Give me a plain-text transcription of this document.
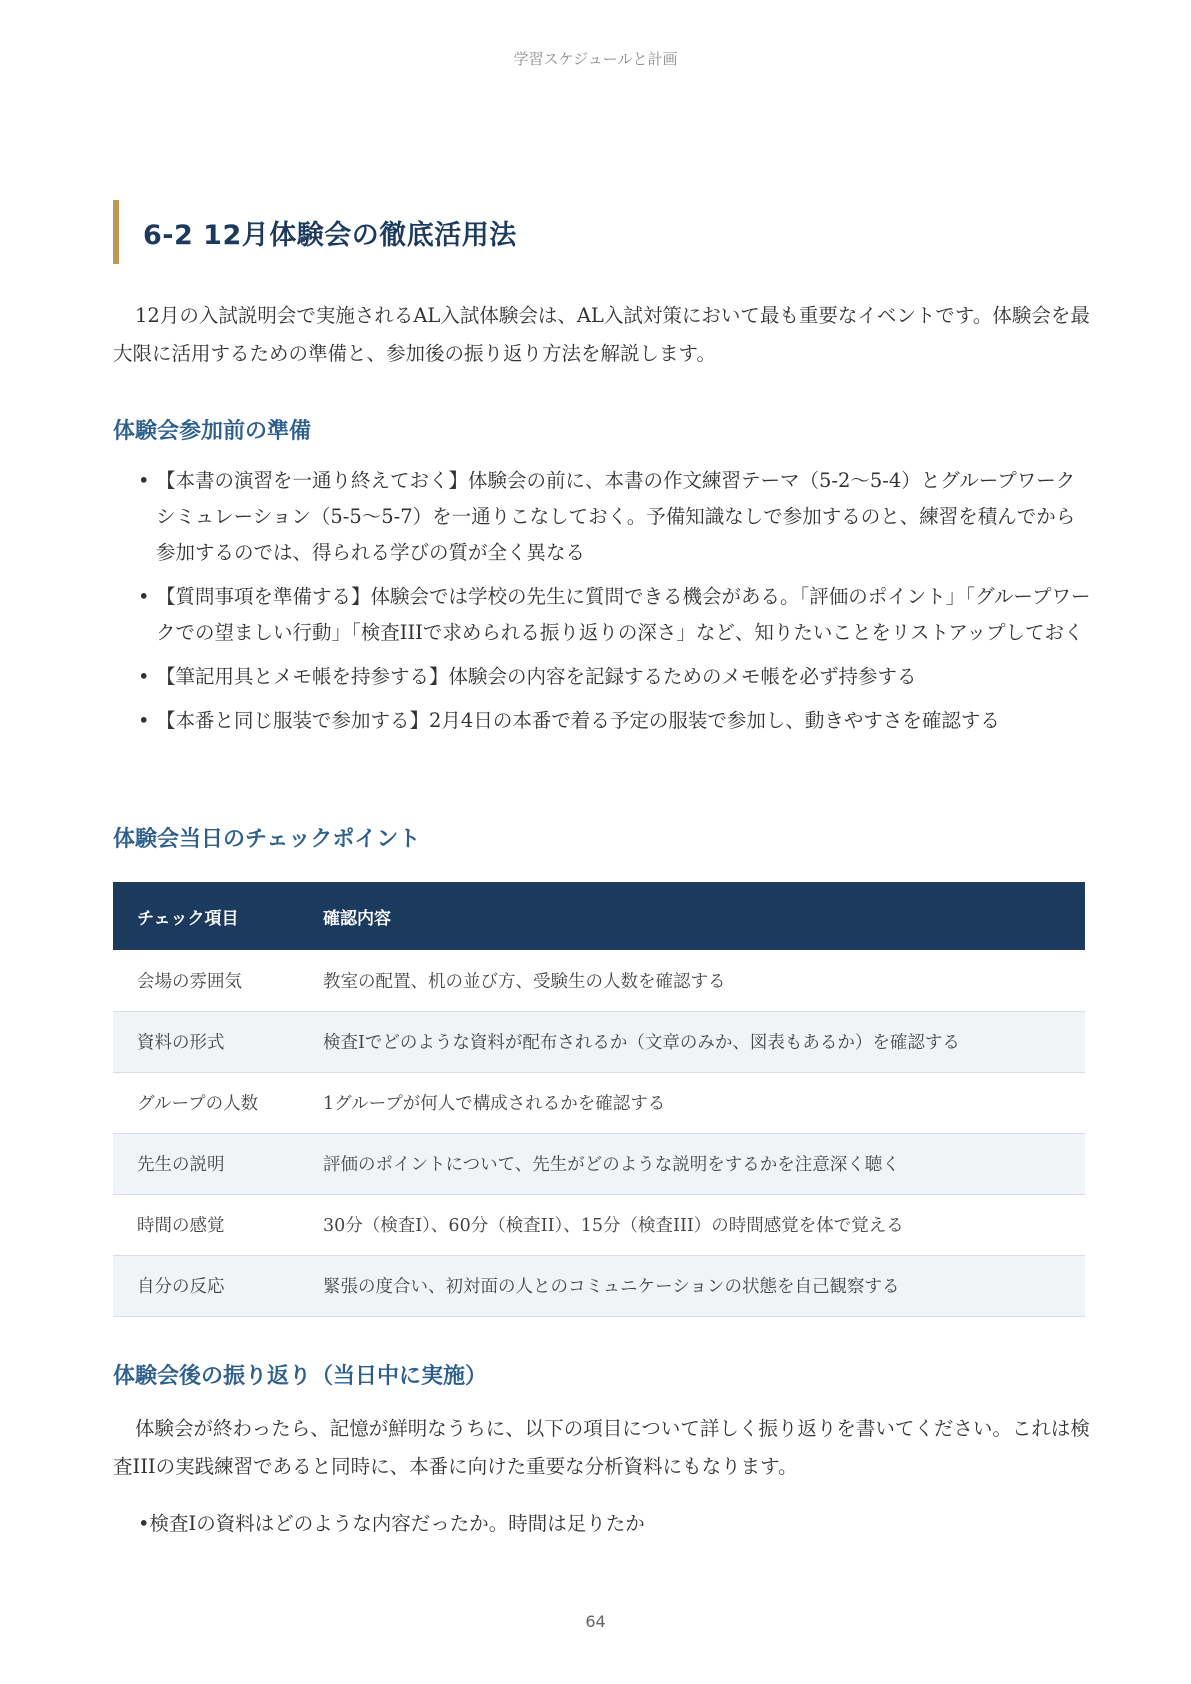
学習スケジュールと計画
6-2 12月体験会の徹底活用法

12月の入試説明会で実施されるAL入試体験会は、AL入試対策において最も重要なイベントです。体験会を最大限に活用するための準備と、参加後の振り返り方法を解説します。

体験会参加前の準備
• 【本書の演習を一通り終えておく】体験会の前に、本書の作文練習テーマ（5-2〜5-4）とグループワークシミュレーション（5-5〜5-7）を一通りこなしておく。予備知識なしで参加するのと、練習を積んでから参加するのでは、得られる学びの質が全く異なる
• 【質問事項を準備する】体験会では学校の先生に質問できる機会がある。「評価のポイント」「グループワークでの望ましい行動」「検査IIIで求められる振り返りの深さ」など、知りたいことをリストアップしておく
• 【筆記用具とメモ帳を持参する】体験会の内容を記録するためのメモ帳を必ず持参する
• 【本番と同じ服装で参加する】2月4日の本番で着る予定の服装で参加し、動きやすさを確認する
体験会当日のチェックポイント
チェック項目	確認内容
会場の雰囲気	教室の配置、机の並び方、受験生の人数を確認する
資料の形式	検査Iでどのような資料が配布されるか（文章のみか、図表もあるか）を確認する
グループの人数	1グループが何人で構成されるかを確認する
先生の説明	評価のポイントについて、先生がどのような説明をするかを注意深く聴く
時間の感覚	30分（検査I）、60分（検査II）、15分（検査III）の時間感覚を体で覚える
自分の反応	緊張の度合い、初対面の人とのコミュニケーションの状態を自己観察する
体験会後の振り返り（当日中に実施）

体験会が終わったら、記憶が鮮明なうちに、以下の項目について詳しく振り返りを書いてください。これは検査IIIの実践練習であると同時に、本番に向けた重要な分析資料にもなります。

•検査Iの資料はどのような内容だったか。時間は足りたか
64
